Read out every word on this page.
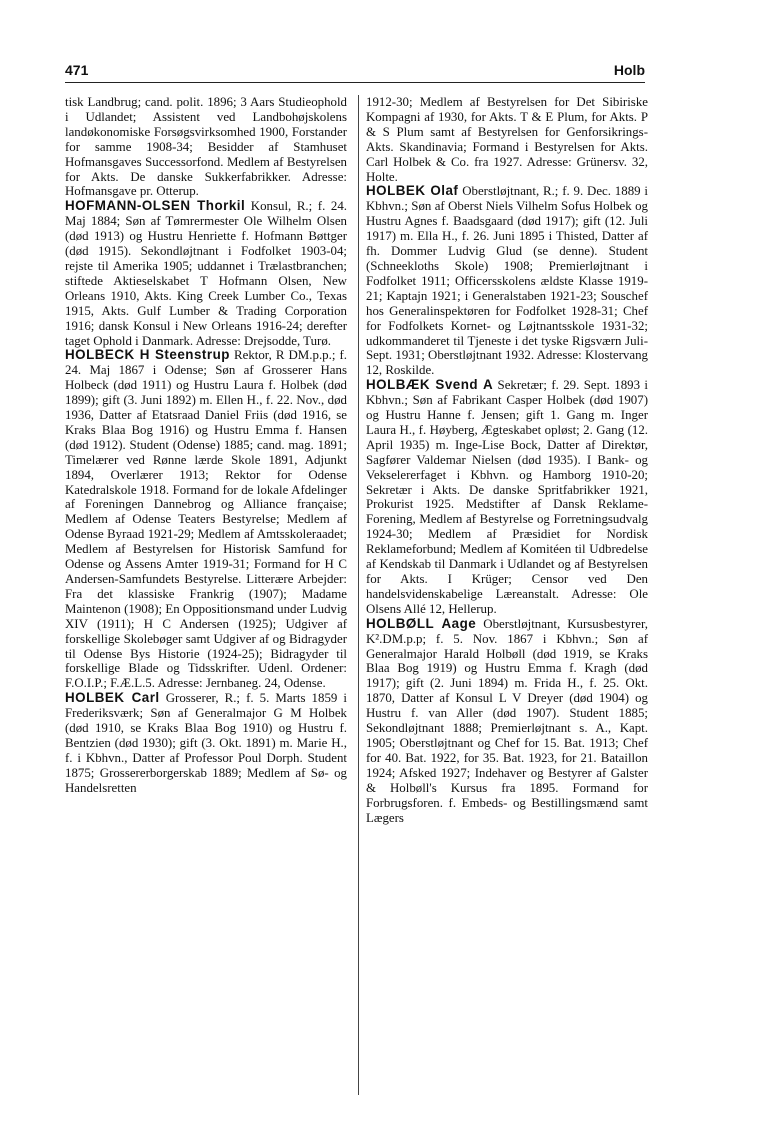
471	Holb

tisk Landbrug; cand. polit. 1896; 3 Aars Studieophold i Udlandet; Assistent ved Landbohøjskolens landøkonomiske Forsøgsvirksomhed 1900, Forstander for samme 1908-34; Besidder af Stamhuset Hofmansgaves Successorfond. Medlem af Bestyrelsen for Akts. De danske Sukkerfabrikker. Adresse: Hofmansgave pr. Otterup.

HOFMANN-OLSEN Thorkil Konsul, R.; f. 24. Maj 1884; Søn af Tømrermester Ole Wilhelm Olsen (død 1913) og Hustru Henriette f. Hofmann Bøttger (død 1915). Sekondløjtnant i Fodfolket 1903-04; rejste til Amerika 1905; uddannet i Trælastbranchen; stiftede Aktieselskabet T Hofmann Olsen, New Orleans 1910, Akts. King Creek Lumber Co., Texas 1915, Akts. Gulf Lumber & Trading Corporation 1916; dansk Konsul i New Orleans 1916-24; derefter taget Ophold i Danmark. Adresse: Drejsodde, Turø.

HOLBECK H Steenstrup Rektor, R DM.p.p.; f. 24. Maj 1867 i Odense; Søn af Grosserer Hans Holbeck (død 1911) og Hustru Laura f. Holbek (død 1899); gift (3. Juni 1892) m. Ellen H., f. 22. Nov., død 1936, Datter af Etatsraad Daniel Friis (død 1916, se Kraks Blaa Bog 1916) og Hustru Emma f. Hansen (død 1912). Student (Odense) 1885; cand. mag. 1891; Timelærer ved Rønne lærde Skole 1891, Adjunkt 1894, Overlærer 1913; Rektor for Odense Katedralskole 1918. Formand for de lokale Afdelinger af Foreningen Dannebrog og Alliance française; Medlem af Odense Teaters Bestyrelse; Medlem af Odense Byraad 1921-29; Medlem af Amtsskoleraadet; Medlem af Bestyrelsen for Historisk Samfund for Odense og Assens Amter 1919-31; Formand for H C Andersen-Samfundets Bestyrelse. Litterære Arbejder: Fra det klassiske Frankrig (1907); Madame Maintenon (1908); En Oppositionsmand under Ludvig XIV (1911); H C Andersen (1925); Udgiver af forskellige Skolebøger samt Udgiver af og Bidragyder til Odense Bys Historie (1924-25); Bidragyder til forskellige Blade og Tidsskrifter. Udenl. Ordener: F.O.I.P.; F.Æ.L.5. Adresse: Jernbaneg. 24, Odense.

HOLBEK Carl Grosserer, R.; f. 5. Marts 1859 i Frederiksværk; Søn af Generalmajor G M Holbek (død 1910, se Kraks Blaa Bog 1910) og Hustru f. Bentzien (død 1930); gift (3. Okt. 1891) m. Marie H., f. i Kbhvn., Datter af Professor Poul Dorph. Student 1875; Grossererborgerskab 1889; Medlem af Sø- og Handelsretten

1912-30; Medlem af Bestyrelsen for Det Sibiriske Kompagni af 1930, for Akts. T & E Plum, for Akts. P & S Plum samt af Bestyrelsen for Genforsikrings-Akts. Skandinavia; Formand i Bestyrelsen for Akts. Carl Holbek & Co. fra 1927. Adresse: Grünersv. 32, Holte.

HOLBEK Olaf Oberstløjtnant, R.; f. 9. Dec. 1889 i Kbhvn.; Søn af Oberst Niels Vilhelm Sofus Holbek og Hustru Agnes f. Baadsgaard (død 1917); gift (12. Juli 1917) m. Ella H., f. 26. Juni 1895 i Thisted, Datter af fh. Dommer Ludvig Glud (se denne). Student (Schneekloths Skole) 1908; Premierløjtnant i Fodfolket 1911; Officersskolens ældste Klasse 1919-21; Kaptajn 1921; i Generalstaben 1921-23; Souschef hos Generalinspektøren for Fodfolket 1928-31; Chef for Fodfolkets Kornet- og Løjtnantsskole 1931-32; udkommanderet til Tjeneste i det tyske Rigsværn Juli-Sept. 1931; Oberstløjtnant 1932. Adresse: Klostervang 12, Roskilde.

HOLBÆK Svend A Sekretær; f. 29. Sept. 1893 i Kbhvn.; Søn af Fabrikant Casper Holbek (død 1907) og Hustru Hanne f. Jensen; gift 1. Gang m. Inger Laura H., f. Høyberg, Ægteskabet opløst; 2. Gang (12. April 1935) m. Inge-Lise Bock, Datter af Direktør, Sagfører Valdemar Nielsen (død 1935). I Bank- og Vekselererfaget i Kbhvn. og Hamborg 1910-20; Sekretær i Akts. De danske Spritfabrikker 1921, Prokurist 1925. Medstifter af Dansk Reklame-Forening, Medlem af Bestyrelse og Forretningsudvalg 1924-30; Medlem af Præsidiet for Nordisk Reklameforbund; Medlem af Komitéen til Udbredelse af Kendskab til Danmark i Udlandet og af Bestyrelsen for Akts. I Krüger; Censor ved Den handelsvidenskabelige Læreanstalt. Adresse: Ole Olsens Allé 12, Hellerup.

HOLBØLL Aage Oberstløjtnant, Kursusbestyrer, K².DM.p.p; f. 5. Nov. 1867 i Kbhvn.; Søn af Generalmajor Harald Holbøll (død 1919, se Kraks Blaa Bog 1919) og Hustru Emma f. Kragh (død 1917); gift (2. Juni 1894) m. Frida H., f. 25. Okt. 1870, Datter af Konsul L V Dreyer (død 1904) og Hustru f. van Aller (død 1907). Student 1885; Sekondløjtnant 1888; Premierløjtnant s. A., Kapt. 1905; Oberstløjtnant og Chef for 15. Bat. 1913; Chef for 40. Bat. 1922, for 35. Bat. 1923, for 21. Bataillon 1924; Afsked 1927; Indehaver og Bestyrer af Galster & Holbøll's Kursus fra 1895. Formand for Forbrugsforen. f. Embeds- og Bestillingsmænd samt Lægers
